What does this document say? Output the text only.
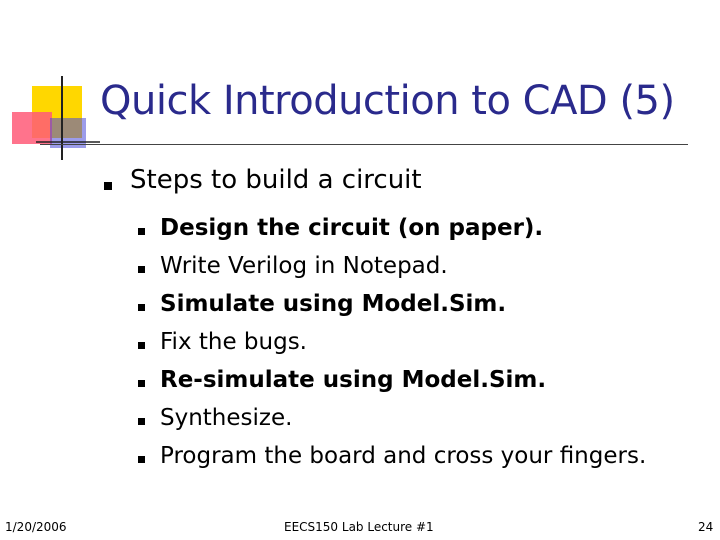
Quick Introduction to CAD (5)
Steps to build a circuit
Design the circuit (on paper).
Write Verilog in Notepad.
Simulate using Model.Sim.
Fix the bugs.
Re-simulate using Model.Sim.
Synthesize.
Program the board and cross your fingers.
1/20/2006	EECS150 Lab Lecture #1	24
